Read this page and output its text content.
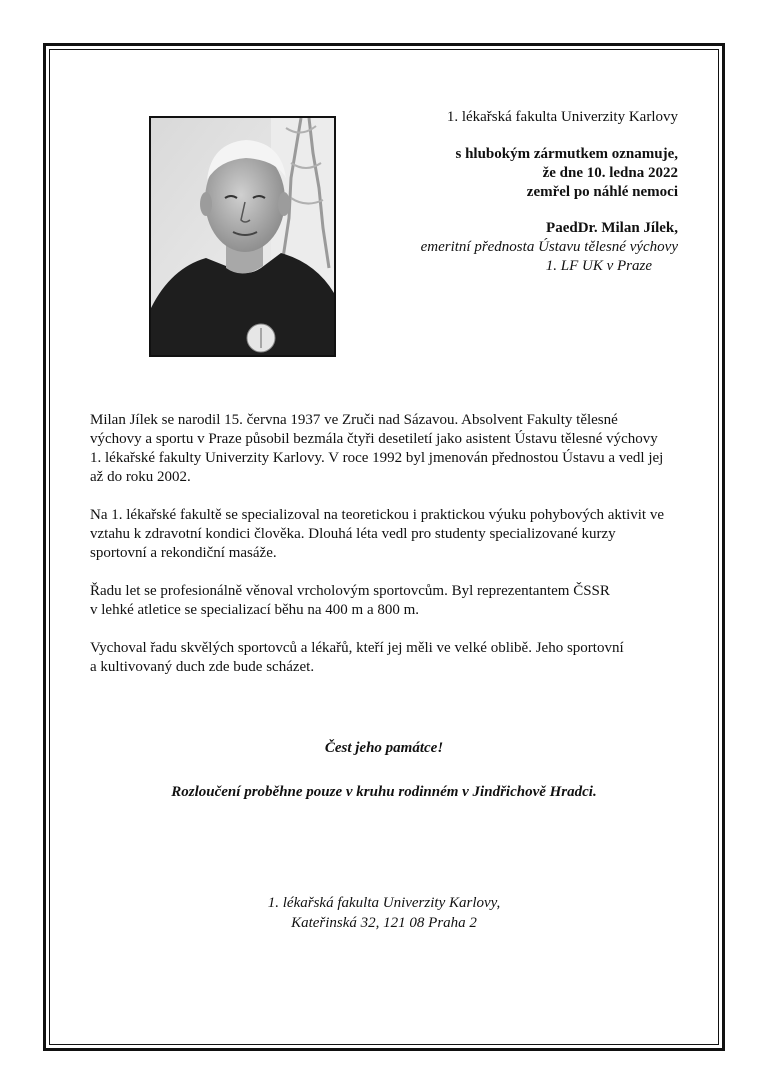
1. lékařská fakulta Univerzity Karlovy
s hlubokým zármutkem oznamuje,
že dne 10. ledna 2022
zemřel po náhlé nemoci
PaedDr. Milan Jílek,
emeritní přednosta Ústavu tělesné výchovy
1. LF UK v Praze

Milan Jílek se narodil 15. června 1937 ve Zruči nad Sázavou. Absolvent Fakulty tělesné
výchovy a sportu v Praze působil bezmála čtyři desetiletí jako asistent Ústavu tělesné výchovy
1. lékařské fakulty Univerzity Karlovy. V roce 1992 byl jmenován přednostou Ústavu a vedl jej
až do roku 2002.

Na 1. lékařské fakultě se specializoval na teoretickou i praktickou výuku pohybových aktivit ve
vztahu k zdravotní kondici člověka. Dlouhá léta vedl pro studenty specializované kurzy
sportovní a rekondiční masáže.

Řadu let se profesionálně věnoval vrcholovým sportovcům. Byl reprezentantem ČSSR
v lehké atletice se specializací běhu na 400 m a 800 m.

Vychoval řadu skvělých sportovců a lékařů, kteří jej měli ve velké oblibě. Jeho sportovní
a kultivovaný duch zde bude scházet.

Čest jeho památce!
Rozloučení proběhne pouze v kruhu rodinném v Jindřichově Hradci.
1. lékařská fakulta Univerzity Karlovy,
Kateřinská 32, 121 08 Praha 2
